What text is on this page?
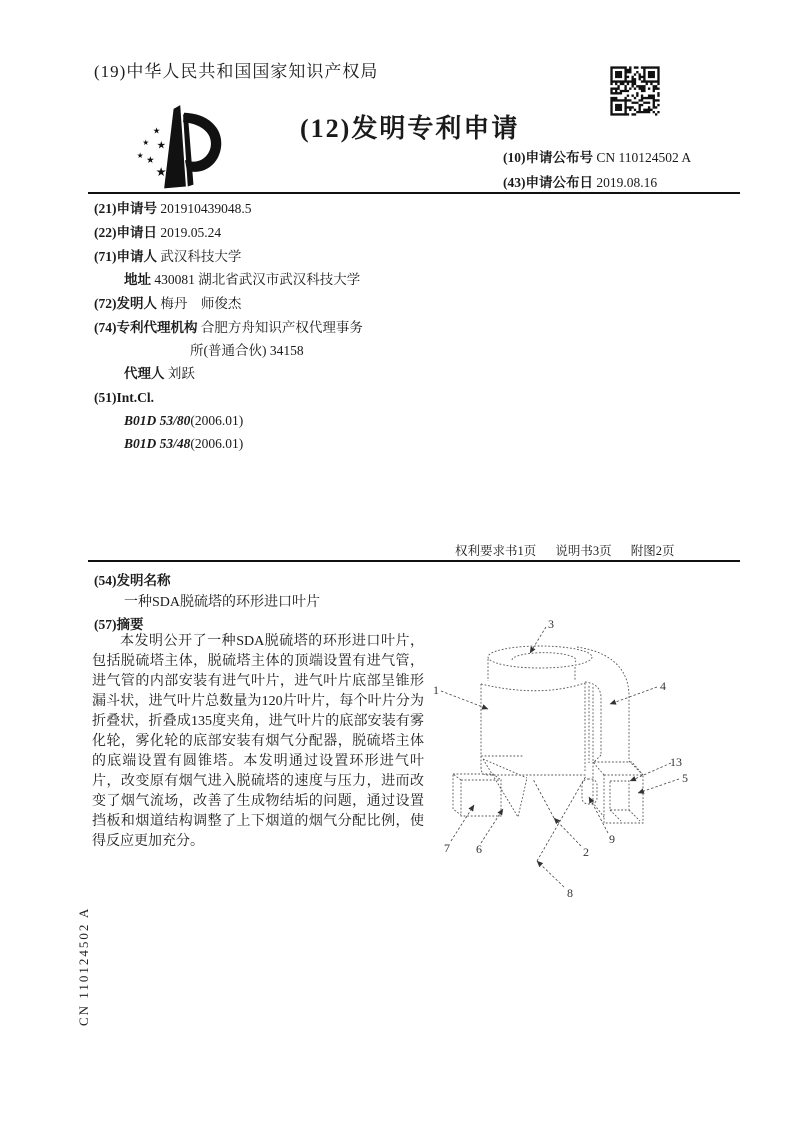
(19)中华人民共和国国家知识产权局
★
★ ★
★ ★
★
(12)发明专利申请
(10)申请公布号 CN 110124502 A
(43)申请公布日 2019.08.16
(21)申请号 201910439048.5
(22)申请日 2019.05.24
(71)申请人 武汉科技大学
地址 430081 湖北省武汉市武汉科技大学
(72)发明人 梅丹　师俊杰
(74)专利代理机构 合肥方舟知识产权代理事务
所(普通合伙) 34158
代理人 刘跃
(51)Int.Cl.
B01D 53/80(2006.01)
B01D 53/48(2006.01)
权利要求书1页 说明书3页 附图2页
(54)发明名称
一种SDA脱硫塔的环形进口叶片
(57)摘要
本发明公开了一种SDA脱硫塔的环形进口叶片，包括脱硫塔主体，脱硫塔主体的顶端设置有进气管，进气管的内部安装有进气叶片，进气叶片底部呈锥形漏斗状，进气叶片总数量为120片叶片，每个叶片分为折叠状，折叠成135度夹角，进气叶片的底部安装有雾化轮，雾化轮的底部安装有烟气分配器，脱硫塔主体的底端设置有圆锥塔。本发明通过设置环形进气叶片，改变原有烟气进入脱硫塔的速度与压力，进而改变了烟气流场，改善了生成物结垢的问题，通过设置挡板和烟道结构调整了上下烟道的烟气分配比例，使得反应更加充分。
3
1	4
13
5
7 6	2
9
8
CN 110124502 A
